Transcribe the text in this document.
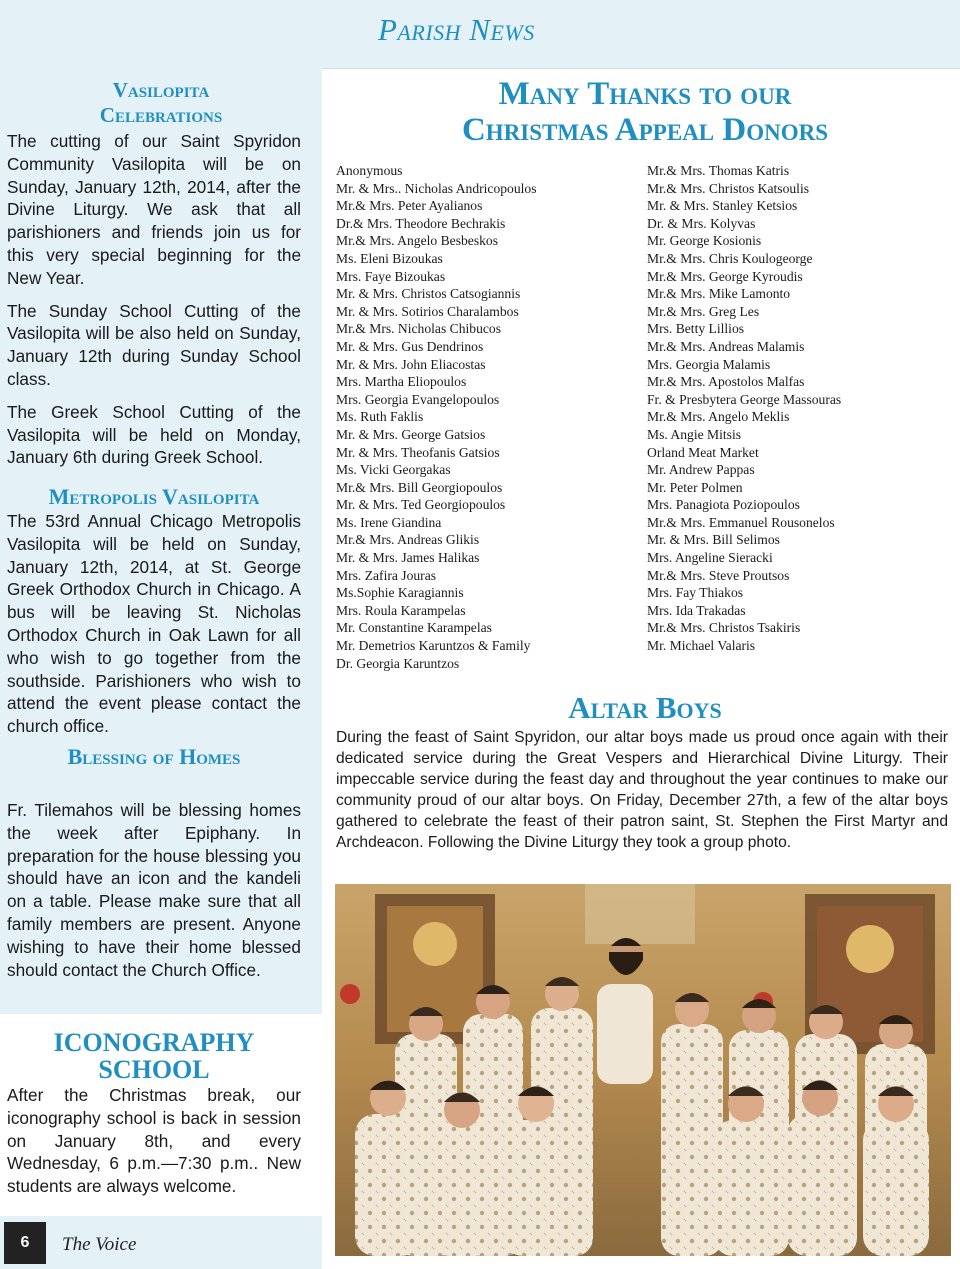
Parish News
Vasilopita
Celebrations

The cutting of our Saint Spyridon Community Vasilopita will be on Sunday, January 12th, 2014, after the Divine Liturgy. We ask that all parishioners and friends join us for this very special beginning for the New Year.

The Sunday School Cutting of the Vasilopita will be also held on Sunday, January 12th during Sunday School class.

The Greek School Cutting of the Vasilopita will be held on Monday, January 6th during Greek School.

Metropolis Vasilopita

The 53rd Annual Chicago Metropolis Vasilopita will be held on Sunday, January 12th, 2014, at St. George Greek Orthodox Church in Chicago. A bus will be leaving St. Nicholas Orthodox Church in Oak Lawn for all who wish to go together from the southside. Parishioners who wish to attend the event please contact the church office.

Blessing of Homes

Fr. Tilemahos will be blessing homes the week after Epiphany. In preparation for the house blessing you should have an icon and the kandeli on a table. Please make sure that all family members are present. Anyone wishing to have their home blessed should contact the Church Office.

ICONOGRAPHY
SCHOOL

After the Christmas break, our iconography school is back in session on January 8th, and every Wednesday, 6 p.m.—7:30 p.m.. New students are always welcome.

Many Thanks to our
Christmas Appeal Donors
Anonymous
Mr. & Mrs.. Nicholas Andricopoulos
Mr.& Mrs. Peter Ayalianos
Dr.& Mrs. Theodore Bechrakis
Mr.& Mrs. Angelo Besbeskos
Ms. Eleni Bizoukas
Mrs. Faye Bizoukas
Mr. & Mrs. Christos Catsogiannis
Mr. & Mrs. Sotirios Charalambos
Mr.& Mrs. Nicholas Chibucos
Mr. & Mrs. Gus Dendrinos
Mr. & Mrs. John Eliacostas
Mrs. Martha Eliopoulos
Mrs. Georgia Evangelopoulos
Ms. Ruth Faklis
Mr. & Mrs. George Gatsios
Mr. & Mrs. Theofanis Gatsios
Ms. Vicki Georgakas
Mr.& Mrs. Bill Georgiopoulos
Mr. & Mrs. Ted Georgiopoulos
Ms. Irene Giandina
Mr.& Mrs. Andreas Glikis
Mr. & Mrs. James Halikas
Mrs. Zafira Jouras
Ms.Sophie Karagiannis
Mrs. Roula Karampelas
Mr. Constantine Karampelas
Mr. Demetrios Karuntzos & Family
Dr. Georgia Karuntzos
Mr.& Mrs. Thomas Katris
Mr.& Mrs. Christos Katsoulis
Mr. & Mrs. Stanley Ketsios
Dr. & Mrs. Kolyvas
Mr. George Kosionis
Mr.& Mrs. Chris Koulogeorge
Mr.& Mrs. George Kyroudis
Mr.& Mrs. Mike Lamonto
Mr.& Mrs. Greg Les
Mrs. Betty Lillios
Mr.& Mrs. Andreas Malamis
Mrs. Georgia Malamis
Mr.& Mrs. Apostolos Malfas
Fr. & Presbytera George Massouras
Mr.& Mrs. Angelo Meklis
Ms. Angie Mitsis
Orland Meat Market
Mr. Andrew Pappas
Mr. Peter Polmen
Mrs. Panagiota Poziopoulos
Mr.& Mrs. Emmanuel Rousonelos
Mr. & Mrs. Bill Selimos
Mrs. Angeline Sieracki
Mr.& Mrs. Steve Proutsos
Mrs. Fay Thiakos
Mrs. Ida Trakadas
Mr.& Mrs. Christos Tsakiris
Mr. Michael Valaris
Altar Boys
During the feast of Saint Spyridon, our altar boys made us proud once again with their dedicated service during the Great Vespers and Hierarchical Divine Liturgy. Their impeccable service during the feast day and throughout the year continues to make our community proud of our altar boys. On Friday, December 27th, a few of the altar boys gathered to celebrate the feast of their patron saint, St. Stephen the First Martyr and Archdeacon. Following the Divine Liturgy they took a group photo.
6	The Voice
